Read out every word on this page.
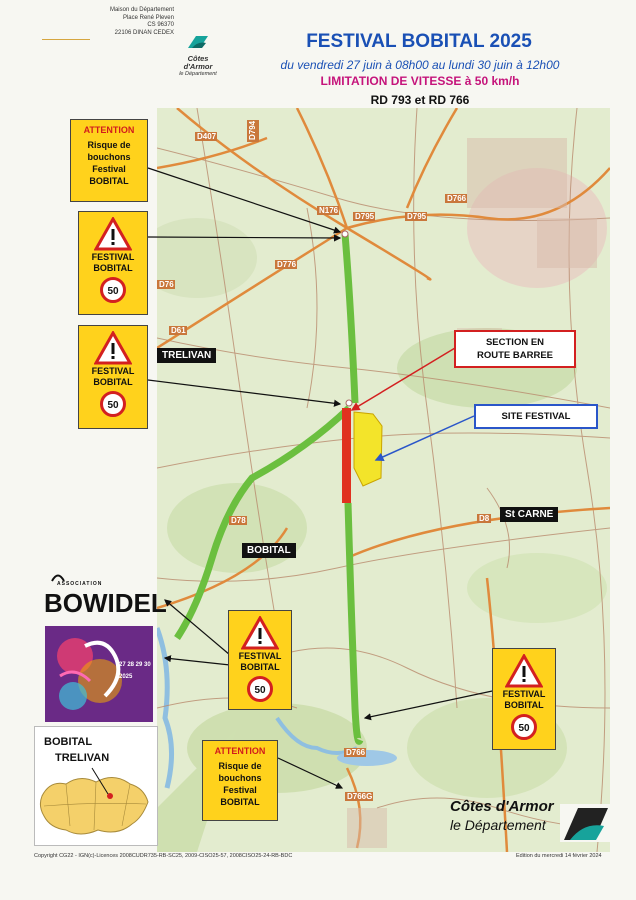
Maison du Département
Place René Pleven
CS 96370
22106 DINAN CEDEX
Côtes
d'Armor
le Département
FESTIVAL BOBITAL 2025
du vendredi 27 juin à 08h00 au lundi 30 juin à 12h00
LIMITATION DE VITESSE à 50 km/h
RD 793 et RD 766
D407	D794
N176
D795	D795
D766
D76
D776
D61
D78	D8
D766
D766G
SECTION EN
ROUTE BARREE
SITE FESTIVAL
TRELIVAN
BOBITAL
St CARNE
ATTENTION
Risque de
bouchons
Festival
BOBITAL
FESTIVAL
BOBITAL
50
FESTIVAL
BOBITAL
50
FESTIVAL
BOBITAL
50	FESTIVAL
BOBITAL
50
ATTENTION
Risque de
bouchons
Festival
BOBITAL
ASSOCIATION
BOWIDEL
27 28 29 30
2025
BOBITAL
TRELIVAN
Côtes d'Armor
le Département
Copyright CG22 - IGN(c)-Licences 2008CUDR735-RB-SC25, 2009-CISO25-57, 2008CISO25-24-RB-BDC	Edition du mercredi 14 février 2024
